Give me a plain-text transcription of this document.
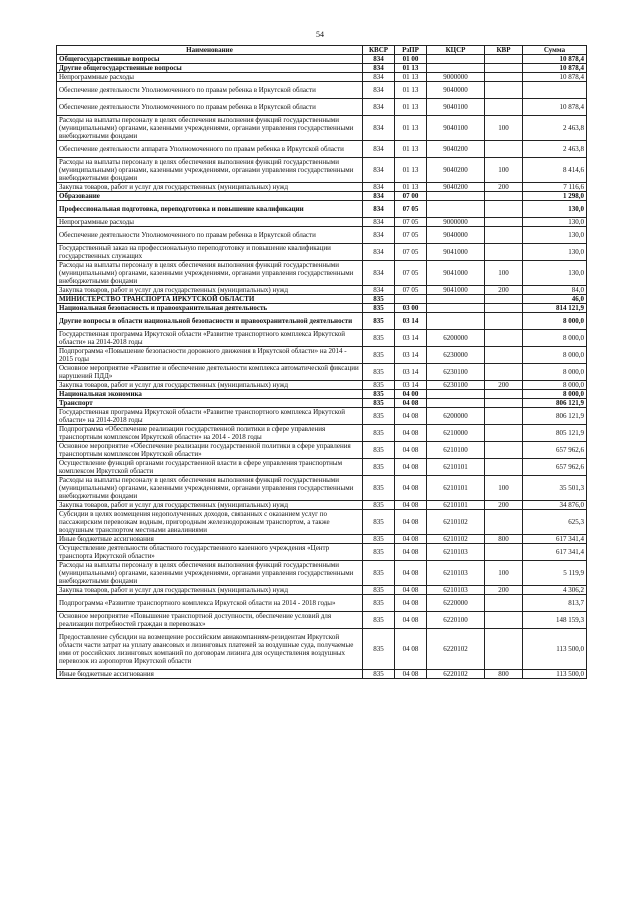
54
Наименование	КВСР	РзПР	КЦСР	КВР	Сумма
Общегосударственные вопросы	834	01 00			10 878,4
Другие общегосударственные вопросы	834	01 13			10 878,4
Непрограммные расходы	834	01 13	9000000		10 878,4
Обеспечение деятельности Уполномоченного по правам ребенка в Иркутской области	834	01 13	9040000		
Обеспечение деятельности Уполномоченного по правам ребенка в Иркутской области	834	01 13	9040100		10 878,4
Расходы на выплаты персоналу в целях обеспечения выполнения функций государственными (муниципальными) органами, казенными учреждениями, органами управления государственными внебюджетными фондами	834	01 13	9040100	100	2 463,8
Обеспечение деятельности аппарата Уполномоченного по правам ребенка в Иркутской области	834	01 13	9040200		2 463,8
Расходы на выплаты персоналу в целях обеспечения выполнения функций государственными (муниципальными) органами, казенными учреждениями, органами управления государственными внебюджетными фондами	834	01 13	9040200	100	8 414,6
Закупка товаров, работ и услуг для государственных (муниципальных) нужд	834	01 13	9040200	200	7 116,6
Образование	834	07 00			1 298,0
Профессиональная подготовка, переподготовка и повышение квалификации	834	07 05			130,0
Непрограммные расходы	834	07 05	9000000		130,0
Обеспечение деятельности Уполномоченного по правам ребенка в Иркутской области	834	07 05	9040000		130,0
Государственный заказ на профессиональную переподготовку и повышение квалификации государственных служащих	834	07 05	9041000		130,0
Расходы на выплаты персоналу в целях обеспечения выполнения функций государственными (муниципальными) органами, казенными учреждениями, органами управления государственными внебюджетными фондами	834	07 05	9041000	100	130,0
Закупка товаров, работ и услуг для государственных (муниципальных) нужд	834	07 05	9041000	200	84,0
МИНИСТЕРСТВО ТРАНСПОРТА ИРКУТСКОЙ ОБЛАСТИ	835				46,0
Национальная безопасность и правоохранительная деятельность	835	03 00			814 121,9
Другие вопросы в области национальной безопасности и правоохранительной деятельности	835	03 14			8 000,0
Государственная программа Иркутской области «Развитие транспортного комплекса Иркутской области» на 2014-2018 годы	835	03 14	6200000		8 000,0
Подпрограмма «Повышение безопасности дорожного движения в Иркутской области» на 2014 - 2015 годы	835	03 14	6230000		8 000,0
Основное мероприятие «Развитие и обеспечение деятельности комплекса автоматической фиксации нарушений ПДД»	835	03 14	6230100		8 000,0
Закупка товаров, работ и услуг для государственных (муниципальных) нужд	835	03 14	6230100	200	8 000,0
Национальная экономика	835	04 00			8 000,0
Транспорт	835	04 08			806 121,9
Государственная программа Иркутской области «Развитие транспортного комплекса Иркутской области» на 2014-2018 годы	835	04 08	6200000		806 121,9
Подпрограмма «Обеспечение реализации государственной политики в сфере управления транспортным комплексом Иркутской области» на 2014 - 2018 годы	835	04 08	6210000		805 121,9
Основное мероприятие «Обеспечение реализации государственной политики в сфере управления транспортным комплексом Иркутской области»	835	04 08	6210100		657 962,6
Осуществление функций органами государственной власти в сфере управления транспортным комплексом Иркутской области	835	04 08	6210101		657 962,6
Расходы на выплаты персоналу в целях обеспечения выполнения функций государственными (муниципальными) органами, казенными учреждениями, органами управления государственными внебюджетными фондами	835	04 08	6210101	100	35 501,3
Закупка товаров, работ и услуг для государственных (муниципальных) нужд	835	04 08	6210101	200	34 876,0
Субсидии в целях возмещения недополученных доходов, связанных с оказанием услуг по пассажирским перевозкам водным, пригородным железнодорожным транспортом, а также воздушным транспортом местными авиалиниями	835	04 08	6210102		625,3
Иные бюджетные ассигнования	835	04 08	6210102	800	617 341,4
Осуществление деятельности областного государственного казенного учреждения «Центр транспорта Иркутской области»	835	04 08	6210103		617 341,4
Расходы на выплаты персоналу в целях обеспечения выполнения функций государственными (муниципальными) органами, казенными учреждениями, органами управления государственными внебюджетными фондами	835	04 08	6210103	100	5 119,9
Закупка товаров, работ и услуг для государственных (муниципальных) нужд	835	04 08	6210103	200	4 306,2
Подпрограмма «Развитие транспортного комплекса Иркутской области на 2014 - 2018 годы»	835	04 08	6220000		813,7
Основное мероприятие «Повышение транспортной доступности, обеспечение условий для реализации потребностей граждан в перевозках»	835	04 08	6220100		148 159,3
Предоставление субсидии на возмещение российским авиакомпаниям-резидентам Иркутской области части затрат на уплату авансовых и лизинговых платежей за воздушные суда, получаемые ими от российских лизинговых компаний по договорам лизинга для осуществления воздушных перевозок из аэропортов Иркутской области	835	04 08	6220102		113 500,0
Иные бюджетные ассигнования	835	04 08	6220102	800	113 500,0
